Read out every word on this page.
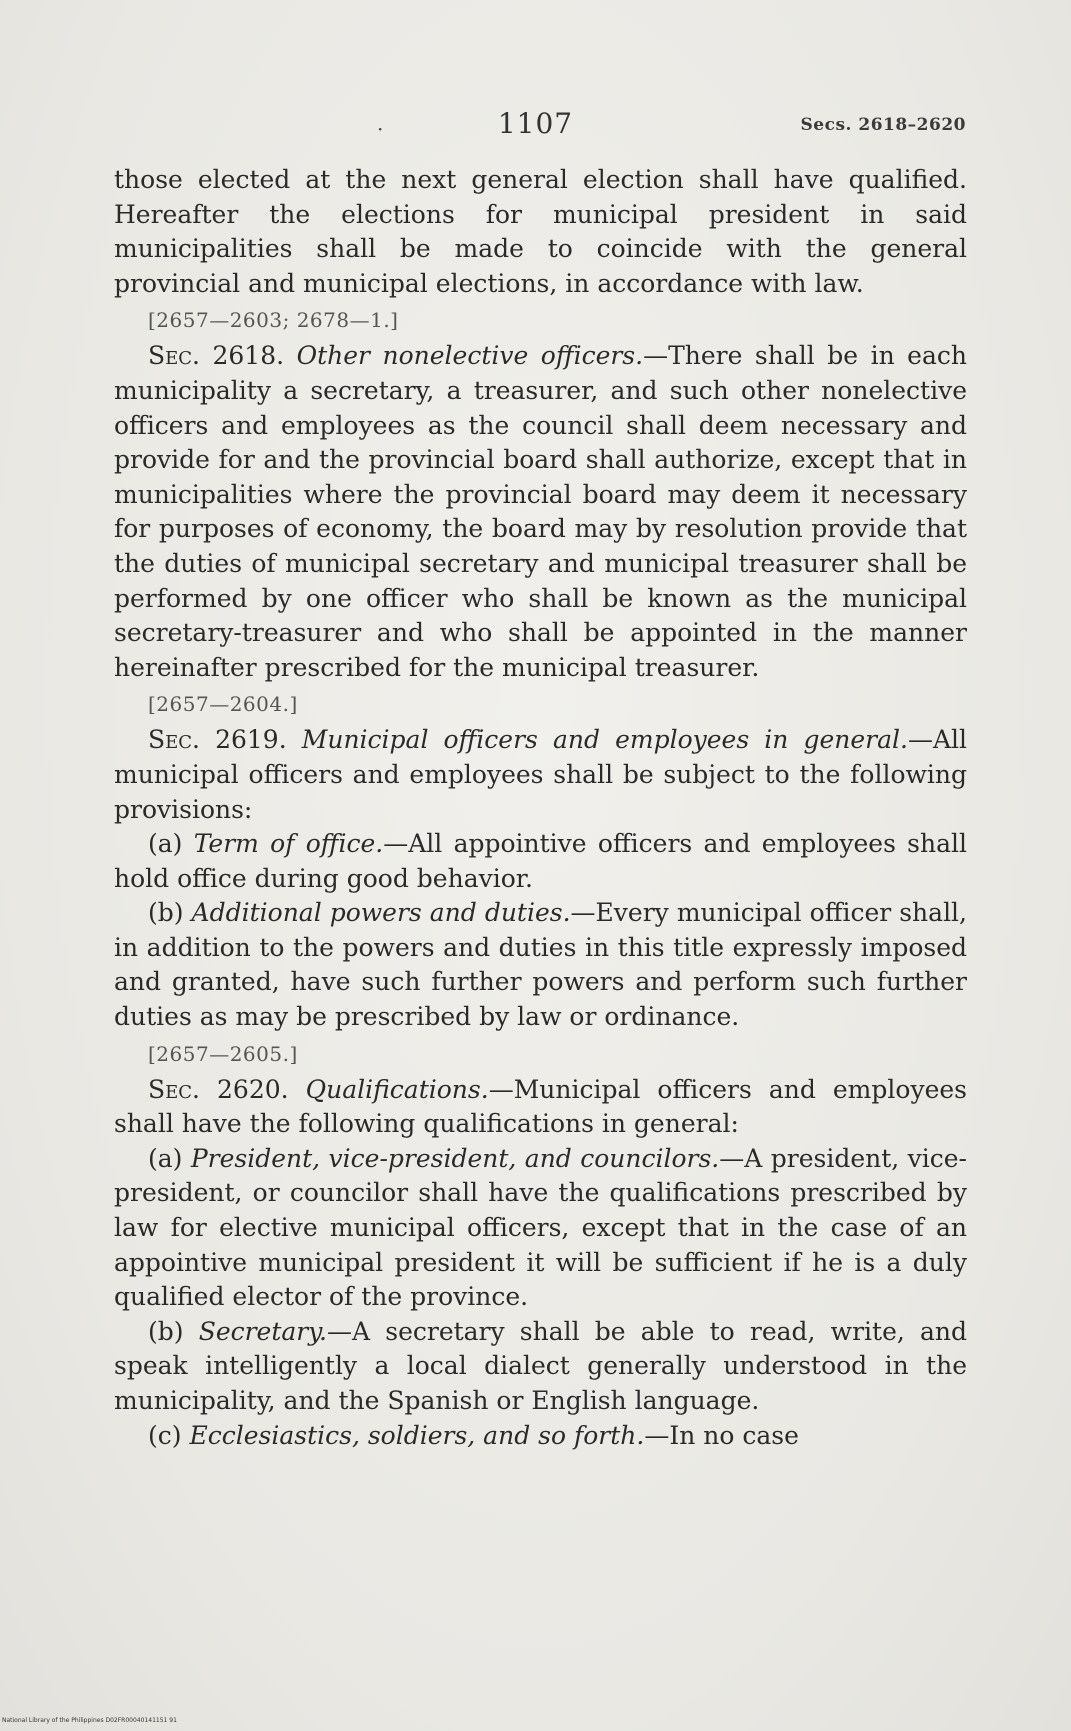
·	1107	Secs. 2618–2620

those elected at the next general election shall have qualified. Hereafter the elections for municipal president in said municipalities shall be made to coincide with the general provincial and municipal elections, in accordance with law.

[2657—2603; 2678—1.]

Sec. 2618. Other nonelective officers.—There shall be in each municipality a secretary, a treasurer, and such other nonelective officers and employees as the council shall deem necessary and provide for and the provincial board shall authorize, except that in municipalities where the provincial board may deem it necessary for purposes of economy, the board may by resolution provide that the duties of municipal secretary and municipal treasurer shall be performed by one officer who shall be known as the municipal secretary-treasurer and who shall be appointed in the manner hereinafter prescribed for the municipal treasurer.

[2657—2604.]

Sec. 2619. Municipal officers and employees in general.—All municipal officers and employees shall be subject to the following provisions:

(a) Term of office.—All appointive officers and employees shall hold office during good behavior.

(b) Additional powers and duties.—Every municipal officer shall, in addition to the powers and duties in this title expressly imposed and granted, have such further powers and perform such further duties as may be prescribed by law or ordinance.

[2657—2605.]

Sec. 2620. Qualifications.—Municipal officers and employees shall have the following qualifications in general:

(a) President, vice-president, and councilors.—A president, vice-president, or councilor shall have the qualifications prescribed by law for elective municipal officers, except that in the case of an appointive municipal president it will be sufficient if he is a duly qualified elector of the province.

(b) Secretary.—A secretary shall be able to read, write, and speak intelligently a local dialect generally understood in the municipality, and the Spanish or English language.

(c) Ecclesiastics, soldiers, and so forth.—In no case

National Library of the Philippines D02FR00040141151 91
